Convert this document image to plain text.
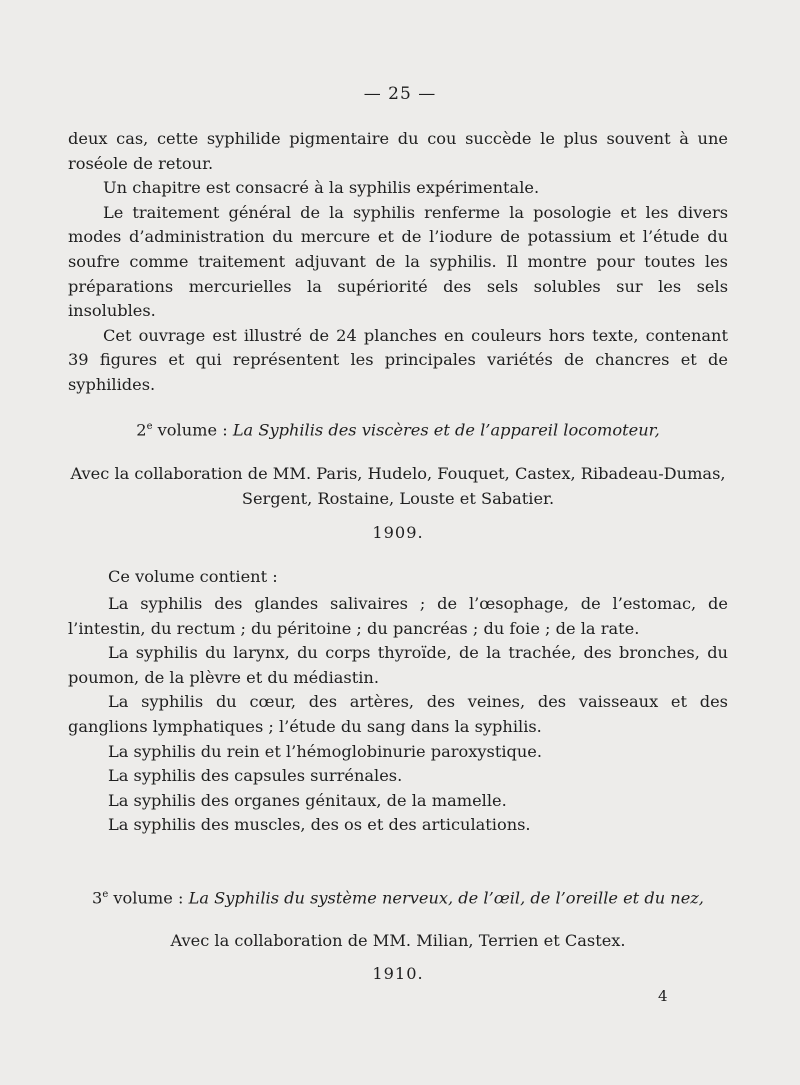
— 25 —

deux cas, cette syphilide pigmentaire du cou succède le plus souvent à une roséole de retour.

Un chapitre est consacré à la syphilis expérimentale.

Le traitement général de la syphilis renferme la posologie et les divers modes d’administration du mercure et de l’iodure de potassium et l’étude du soufre comme traitement adjuvant de la syphilis. Il montre pour toutes les préparations mercurielles la supériorité des sels solubles sur les sels insolubles.

Cet ouvrage est illustré de 24 planches en couleurs hors texte, contenant 39 figures et qui représentent les principales variétés de chancres et de syphilides.

2e volume : La Syphilis des viscères et de l’appareil locomoteur,

Avec la collaboration de MM. Paris, Hudelo, Fouquet, Castex, Ribadeau-Dumas,

Sergent, Rostaine, Louste et Sabatier.

1909.

Ce volume contient :

La syphilis des glandes salivaires ; de l’œsophage, de l’estomac, de l’intestin, du rectum ; du péritoine ; du pancréas ; du foie ; de la rate.

La syphilis du larynx, du corps thyroïde, de la trachée, des bronches, du poumon, de la plèvre et du médiastin.

La syphilis du cœur, des artères, des veines, des vaisseaux et des ganglions lymphatiques ; l’étude du sang dans la syphilis.

La syphilis du rein et l’hémoglobinurie paroxystique.

La syphilis des capsules surrénales.

La syphilis des organes génitaux, de la mamelle.

La syphilis des muscles, des os et des articulations.

3e volume : La Syphilis du système nerveux, de l’œil, de l’oreille et du nez,
Avec la collaboration de MM. Milian, Terrien et Castex.
1910.
4
